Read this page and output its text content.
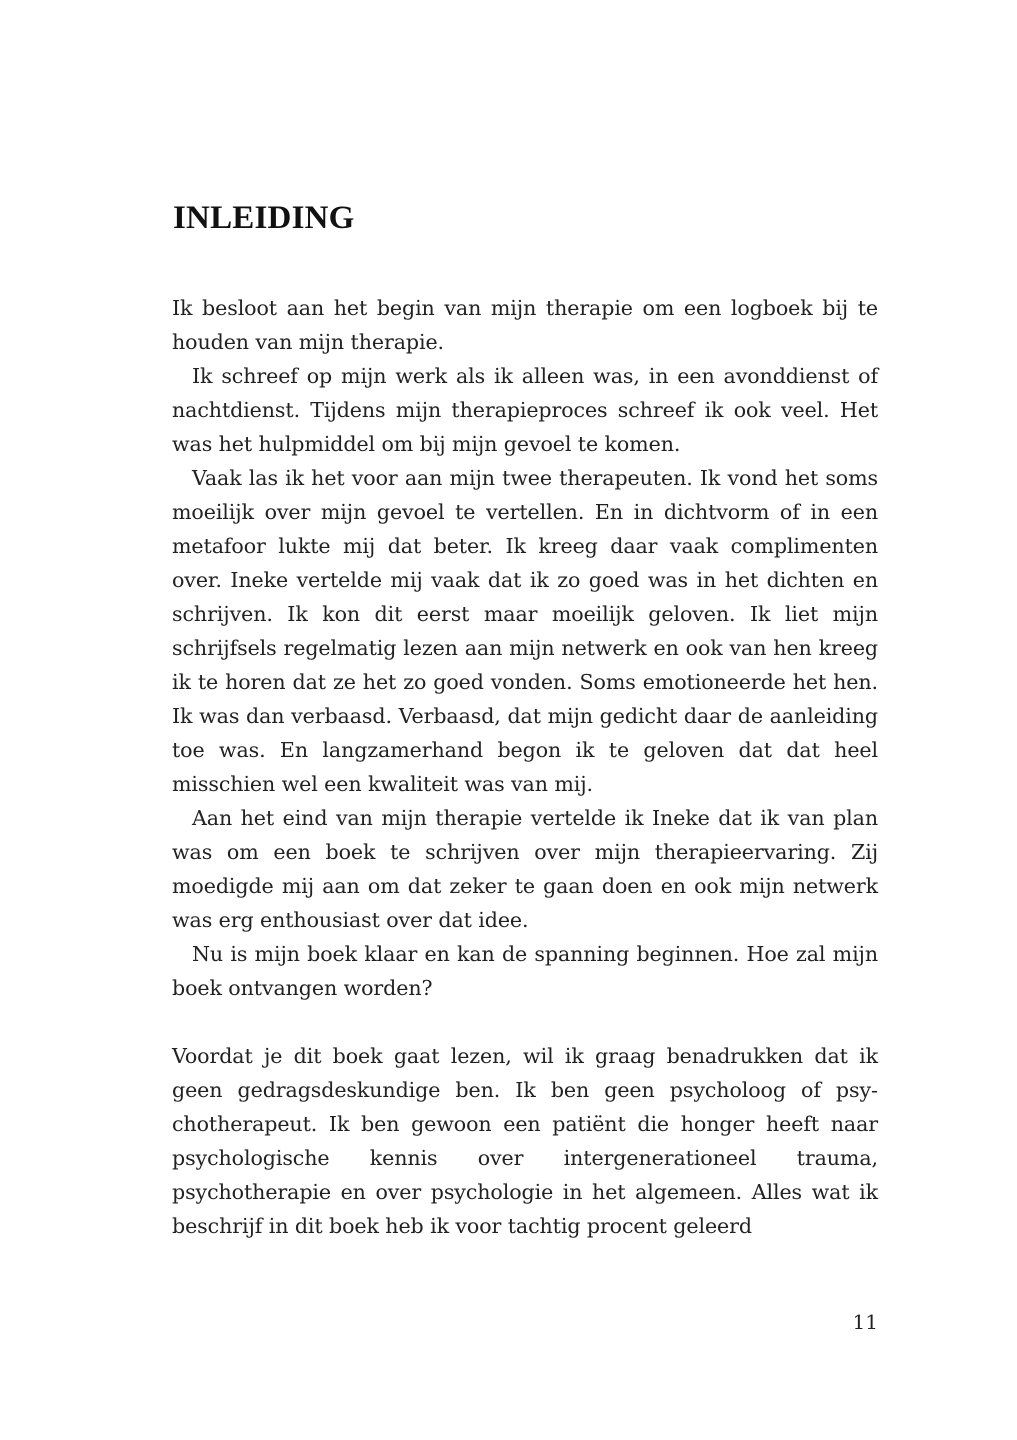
INLEIDING

Ik besloot aan het begin van mijn therapie om een logboek bij te houden van mijn therapie.

Ik schreef op mijn werk als ik alleen was, in een avonddienst of nachtdienst. Tijdens mijn therapieproces schreef ik ook veel. Het was het hulpmiddel om bij mijn gevoel te komen.

Vaak las ik het voor aan mijn twee therapeuten. Ik vond het soms moeilijk over mijn gevoel te vertellen. En in dichtvorm of in een metafoor lukte mij dat beter. Ik kreeg daar vaak complimenten over. Ineke vertelde mij vaak dat ik zo goed was in het dichten en schrijven. Ik kon dit eerst maar moeilijk geloven. Ik liet mijn schrijfsels regelmatig lezen aan mijn netwerk en ook van hen kreeg ik te horen dat ze het zo goed vonden. Soms emotioneerde het hen. Ik was dan verbaasd. Verbaasd, dat mijn gedicht daar de aanleiding toe was. En langzamerhand begon ik te geloven dat dat heel misschien wel een kwaliteit was van mij.

Aan het eind van mijn therapie vertelde ik Ineke dat ik van plan was om een boek te schrijven over mijn therapieervaring. Zij moedigde mij aan om dat zeker te gaan doen en ook mijn netwerk was erg enthousiast over dat idee.

Nu is mijn boek klaar en kan de spanning beginnen. Hoe zal mijn boek ontvangen worden?

Voordat je dit boek gaat lezen, wil ik graag benadrukken dat ik geen gedragsdeskundige ben. Ik ben geen psycholoog of psychotherapeut. Ik ben gewoon een patiënt die honger heeft naar psychologische kennis over intergenerationeel trauma, psychotherapie en over psychologie in het algemeen. Alles wat ik beschrijf in dit boek heb ik voor tachtig procent geleerd

11
